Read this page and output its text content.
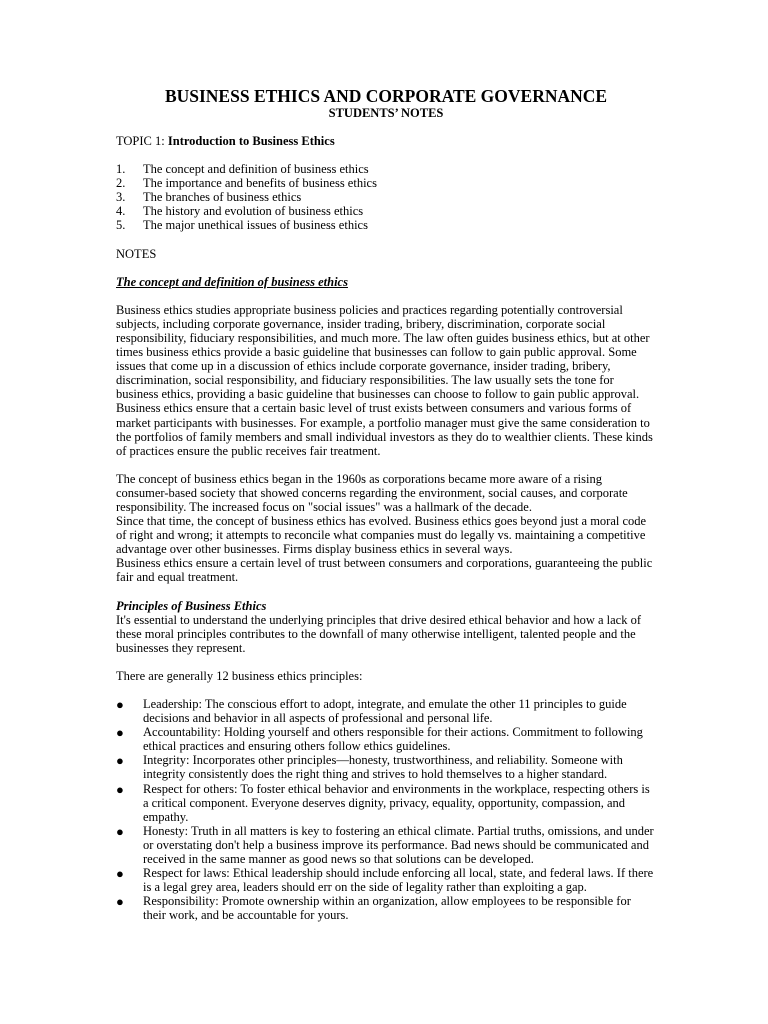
BUSINESS ETHICS AND CORPORATE GOVERNANCE
STUDENTS’ NOTES
TOPIC 1: Introduction to Business Ethics
1.	The concept and definition of business ethics
2.	The importance and benefits of business ethics
3.	The branches of business ethics
4.	The history and evolution of business ethics
5.	The major unethical issues of business ethics

NOTES

The concept and definition of business ethics

Business ethics studies appropriate business policies and practices regarding potentially controversial subjects, including corporate governance, insider trading, bribery, discrimination, corporate social responsibility, fiduciary responsibilities, and much more. The law often guides business ethics, but at other times business ethics provide a basic guideline that businesses can follow to gain public approval. Some issues that come up in a discussion of ethics include corporate governance, insider trading, bribery, discrimination, social responsibility, and fiduciary responsibilities. The law usually sets the tone for business ethics, providing a basic guideline that businesses can choose to follow to gain public approval.

Business ethics ensure that a certain basic level of trust exists between consumers and various forms of market participants with businesses. For example, a portfolio manager must give the same consideration to the portfolios of family members and small individual investors as they do to wealthier clients. These kinds of practices ensure the public receives fair treatment.

The concept of business ethics began in the 1960s as corporations became more aware of a rising consumer-based society that showed concerns regarding the environment, social causes, and corporate responsibility. The increased focus on "social issues" was a hallmark of the decade.

Since that time, the concept of business ethics has evolved. Business ethics goes beyond just a moral code of right and wrong; it attempts to reconcile what companies must do legally vs. maintaining a competitive advantage over other businesses. Firms display business ethics in several ways.

Business ethics ensure a certain level of trust between consumers and corporations, guaranteeing the public fair and equal treatment.

Principles of Business Ethics

It's essential to understand the underlying principles that drive desired ethical behavior and how a lack of these moral principles contributes to the downfall of many otherwise intelligent, talented people and the businesses they represent.

There are generally 12 business ethics principles:

●	Leadership: The conscious effort to adopt, integrate, and emulate the other 11 principles to guide decisions and behavior in all aspects of professional and personal life.
●	Accountability: Holding yourself and others responsible for their actions. Commitment to following ethical practices and ensuring others follow ethics guidelines.
●	Integrity: Incorporates other principles—honesty, trustworthiness, and reliability. Someone with integrity consistently does the right thing and strives to hold themselves to a higher standard.
●	Respect for others: To foster ethical behavior and environments in the workplace, respecting others is a critical component. Everyone deserves dignity, privacy, equality, opportunity, compassion, and empathy.
●	Honesty: Truth in all matters is key to fostering an ethical climate. Partial truths, omissions, and under or overstating don't help a business improve its performance. Bad news should be communicated and received in the same manner as good news so that solutions can be developed.
●	Respect for laws: Ethical leadership should include enforcing all local, state, and federal laws. If there is a legal grey area, leaders should err on the side of legality rather than exploiting a gap.
●	Responsibility: Promote ownership within an organization, allow employees to be responsible for their work, and be accountable for yours.
